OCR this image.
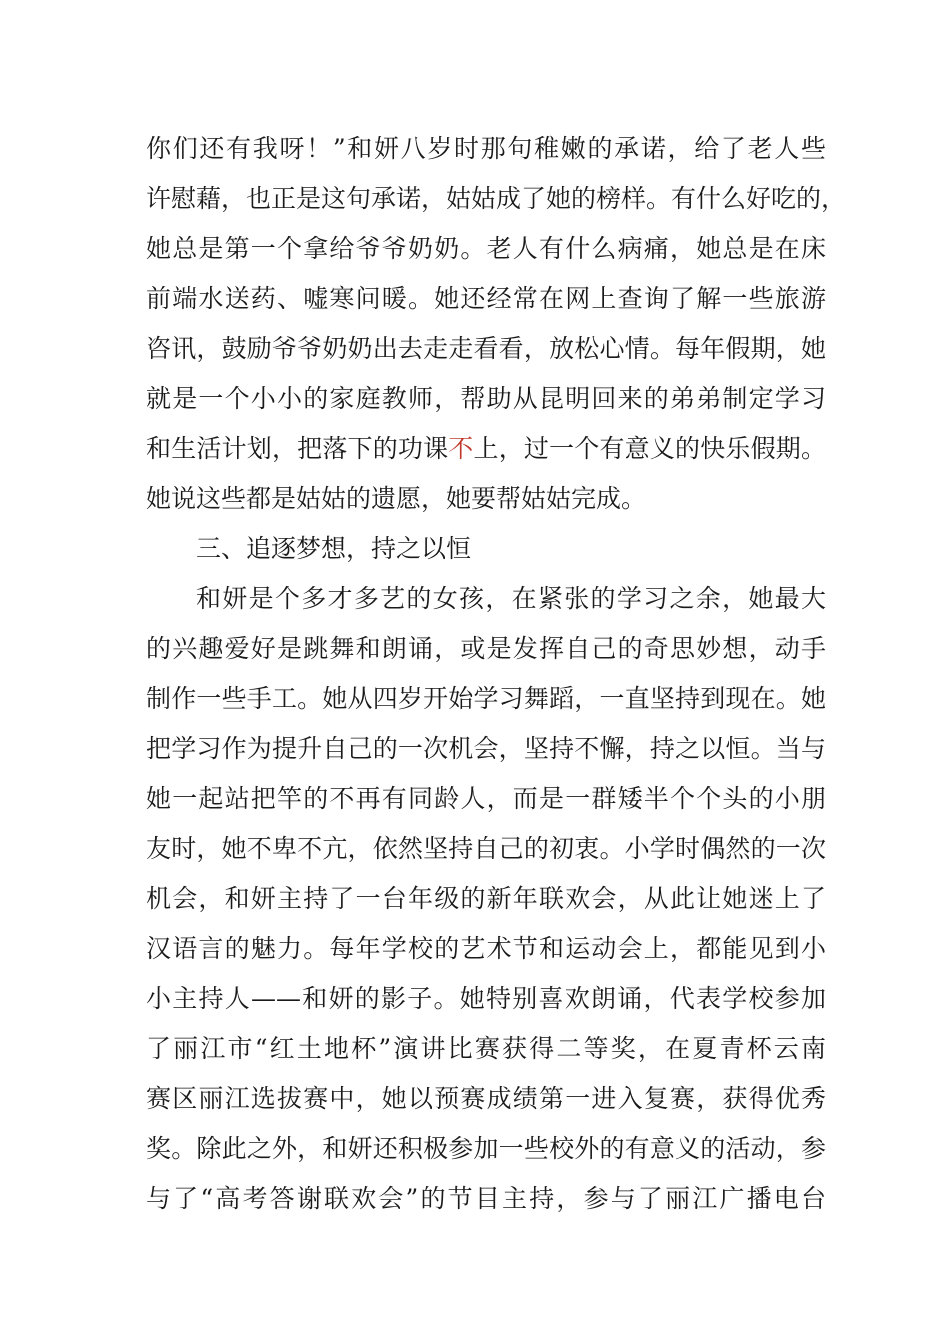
你们还有我呀！”和妍八岁时那句稚嫩的承诺，给了老人些
许慰藉，也正是这句承诺，姑姑成了她的榜样。有什么好吃的，
她总是第一个拿给爷爷奶奶。老人有什么病痛，她总是在床
前端水送药、嘘寒问暖。她还经常在网上查询了解一些旅游
咨讯，鼓励爷爷奶奶出去走走看看，放松心情。每年假期，她
就是一个小小的家庭教师，帮助从昆明回来的弟弟制定学习
和生活计划，把落下的功课不上，过一个有意义的快乐假期。
她说这些都是姑姑的遗愿，她要帮姑姑完成。
三、追逐梦想，持之以恒
和妍是个多才多艺的女孩，在紧张的学习之余，她最大
的兴趣爱好是跳舞和朗诵，或是发挥自己的奇思妙想，动手
制作一些手工。她从四岁开始学习舞蹈，一直坚持到现在。她
把学习作为提升自己的一次机会，坚持不懈，持之以恒。当与
她一起站把竿的不再有同龄人，而是一群矮半个个头的小朋
友时，她不卑不亢，依然坚持自己的初衷。小学时偶然的一次
机会，和妍主持了一台年级的新年联欢会，从此让她迷上了
汉语言的魅力。每年学校的艺术节和运动会上，都能见到小
小主持人——和妍的影子。她特别喜欢朗诵，代表学校参加
了丽江市“红土地杯”演讲比赛获得二等奖，在夏青杯云南
赛区丽江选拔赛中，她以预赛成绩第一进入复赛，获得优秀
奖。除此之外，和妍还积极参加一些校外的有意义的活动，参
与了“高考答谢联欢会”的节目主持，参与了丽江广播电台
